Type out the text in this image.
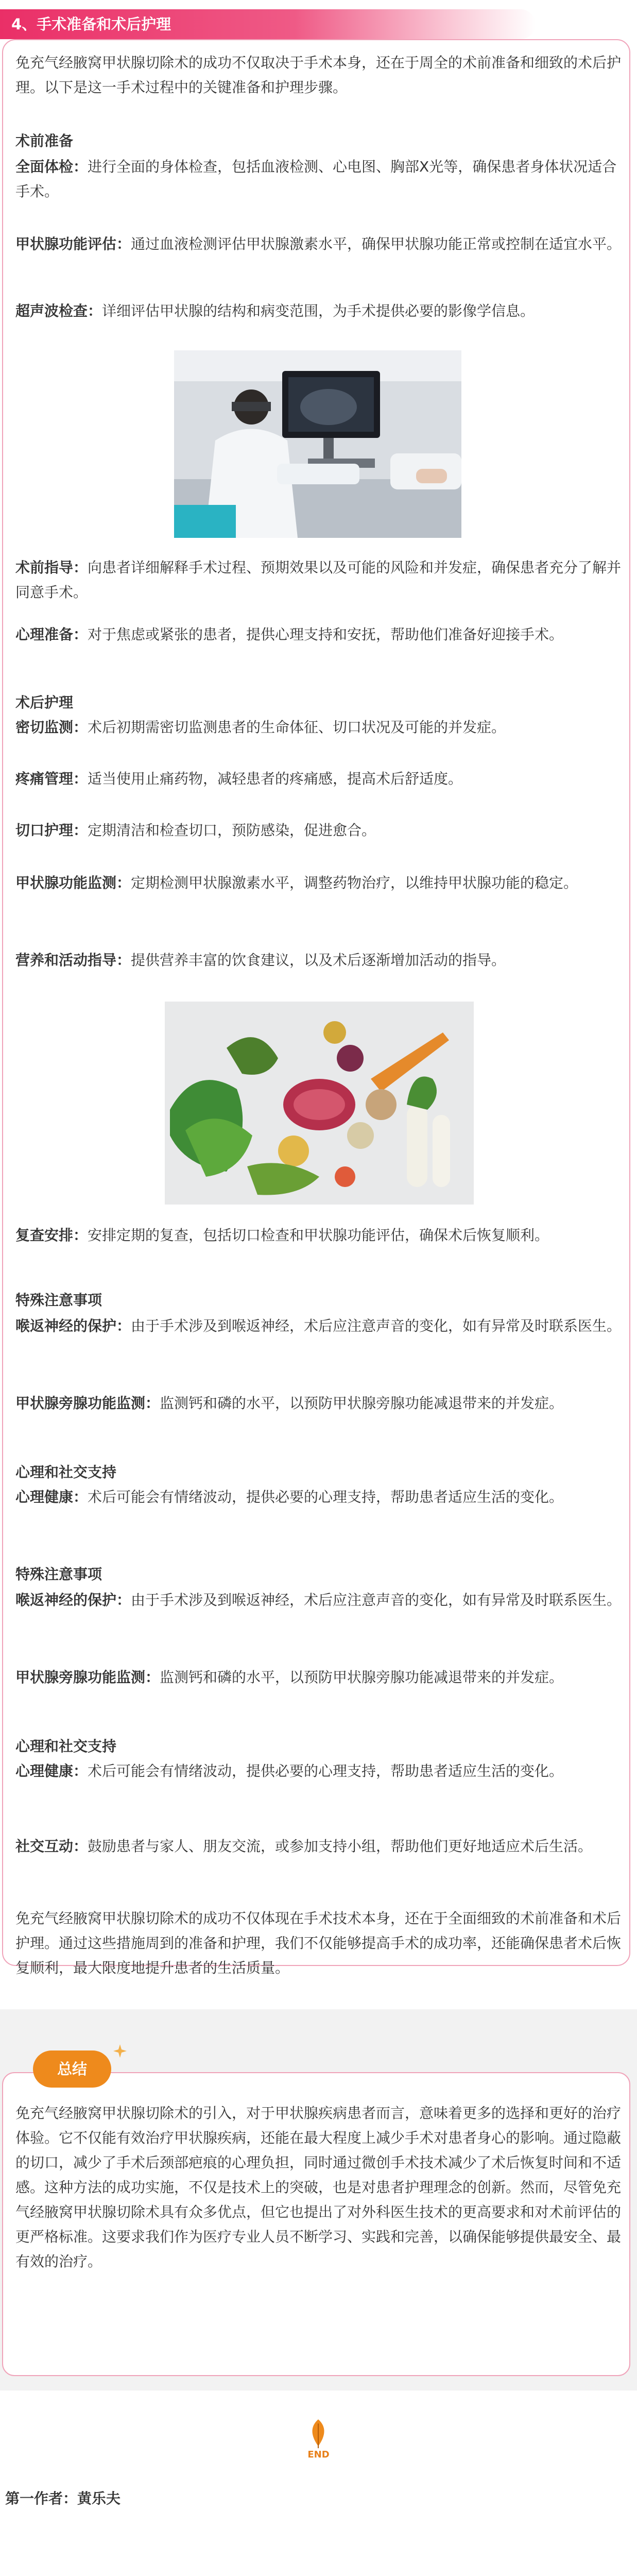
4、手术准备和术后护理

免充气经腋窝甲状腺切除术的成功不仅取决于手术本身，还在于周全的术前准备和细致的术后护理。以下是这一手术过程中的关键准备和护理步骤。

术前准备

全面体检：进行全面的身体检查，包括血液检测、心电图、胸部X光等，确保患者身体状况适合手术。

甲状腺功能评估：通过血液检测评估甲状腺激素水平，确保甲状腺功能正常或控制在适宜水平。

超声波检查：详细评估甲状腺的结构和病变范围，为手术提供必要的影像学信息。

术前指导：向患者详细解释手术过程、预期效果以及可能的风险和并发症，确保患者充分了解并同意手术。

心理准备：对于焦虑或紧张的患者，提供心理支持和安抚，帮助他们准备好迎接手术。

术后护理

密切监测：术后初期需密切监测患者的生命体征、切口状况及可能的并发症。

疼痛管理：适当使用止痛药物，减轻患者的疼痛感，提高术后舒适度。

切口护理：定期清洁和检查切口，预防感染，促进愈合。

甲状腺功能监测：定期检测甲状腺激素水平，调整药物治疗，以维持甲状腺功能的稳定。

营养和活动指导：提供营养丰富的饮食建议，以及术后逐渐增加活动的指导。

复查安排：安排定期的复查，包括切口检查和甲状腺功能评估，确保术后恢复顺利。

特殊注意事项

喉返神经的保护：由于手术涉及到喉返神经，术后应注意声音的变化，如有异常及时联系医生。

甲状腺旁腺功能监测：监测钙和磷的水平，以预防甲状腺旁腺功能减退带来的并发症。

心理和社交支持

心理健康：术后可能会有情绪波动，提供必要的心理支持，帮助患者适应生活的变化。

特殊注意事项

喉返神经的保护：由于手术涉及到喉返神经，术后应注意声音的变化，如有异常及时联系医生。

甲状腺旁腺功能监测：监测钙和磷的水平，以预防甲状腺旁腺功能减退带来的并发症。

心理和社交支持

心理健康：术后可能会有情绪波动，提供必要的心理支持，帮助患者适应生活的变化。

社交互动：鼓励患者与家人、朋友交流，或参加支持小组，帮助他们更好地适应术后生活。

免充气经腋窝甲状腺切除术的成功不仅体现在手术技术本身，还在于全面细致的术前准备和术后护理。通过这些措施周到的准备和护理，我们不仅能够提高手术的成功率，还能确保患者术后恢复顺利，最大限度地提升患者的生活质量。

总结

免充气经腋窝甲状腺切除术的引入，对于甲状腺疾病患者而言，意味着更多的选择和更好的治疗体验。它不仅能有效治疗甲状腺疾病，还能在最大程度上减少手术对患者身心的影响。通过隐蔽的切口，减少了手术后颈部疤痕的心理负担，同时通过微创手术技术减少了术后恢复时间和不适感。这种方法的成功实施，不仅是技术上的突破，也是对患者护理理念的创新。然而，尽管免充气经腋窝甲状腺切除术具有众多优点，但它也提出了对外科医生技术的更高要求和对术前评估的更严格标准。这要求我们作为医疗专业人员不断学习、实践和完善，以确保能够提供最安全、最有效的治疗。

END

第一作者：黄乐夫
